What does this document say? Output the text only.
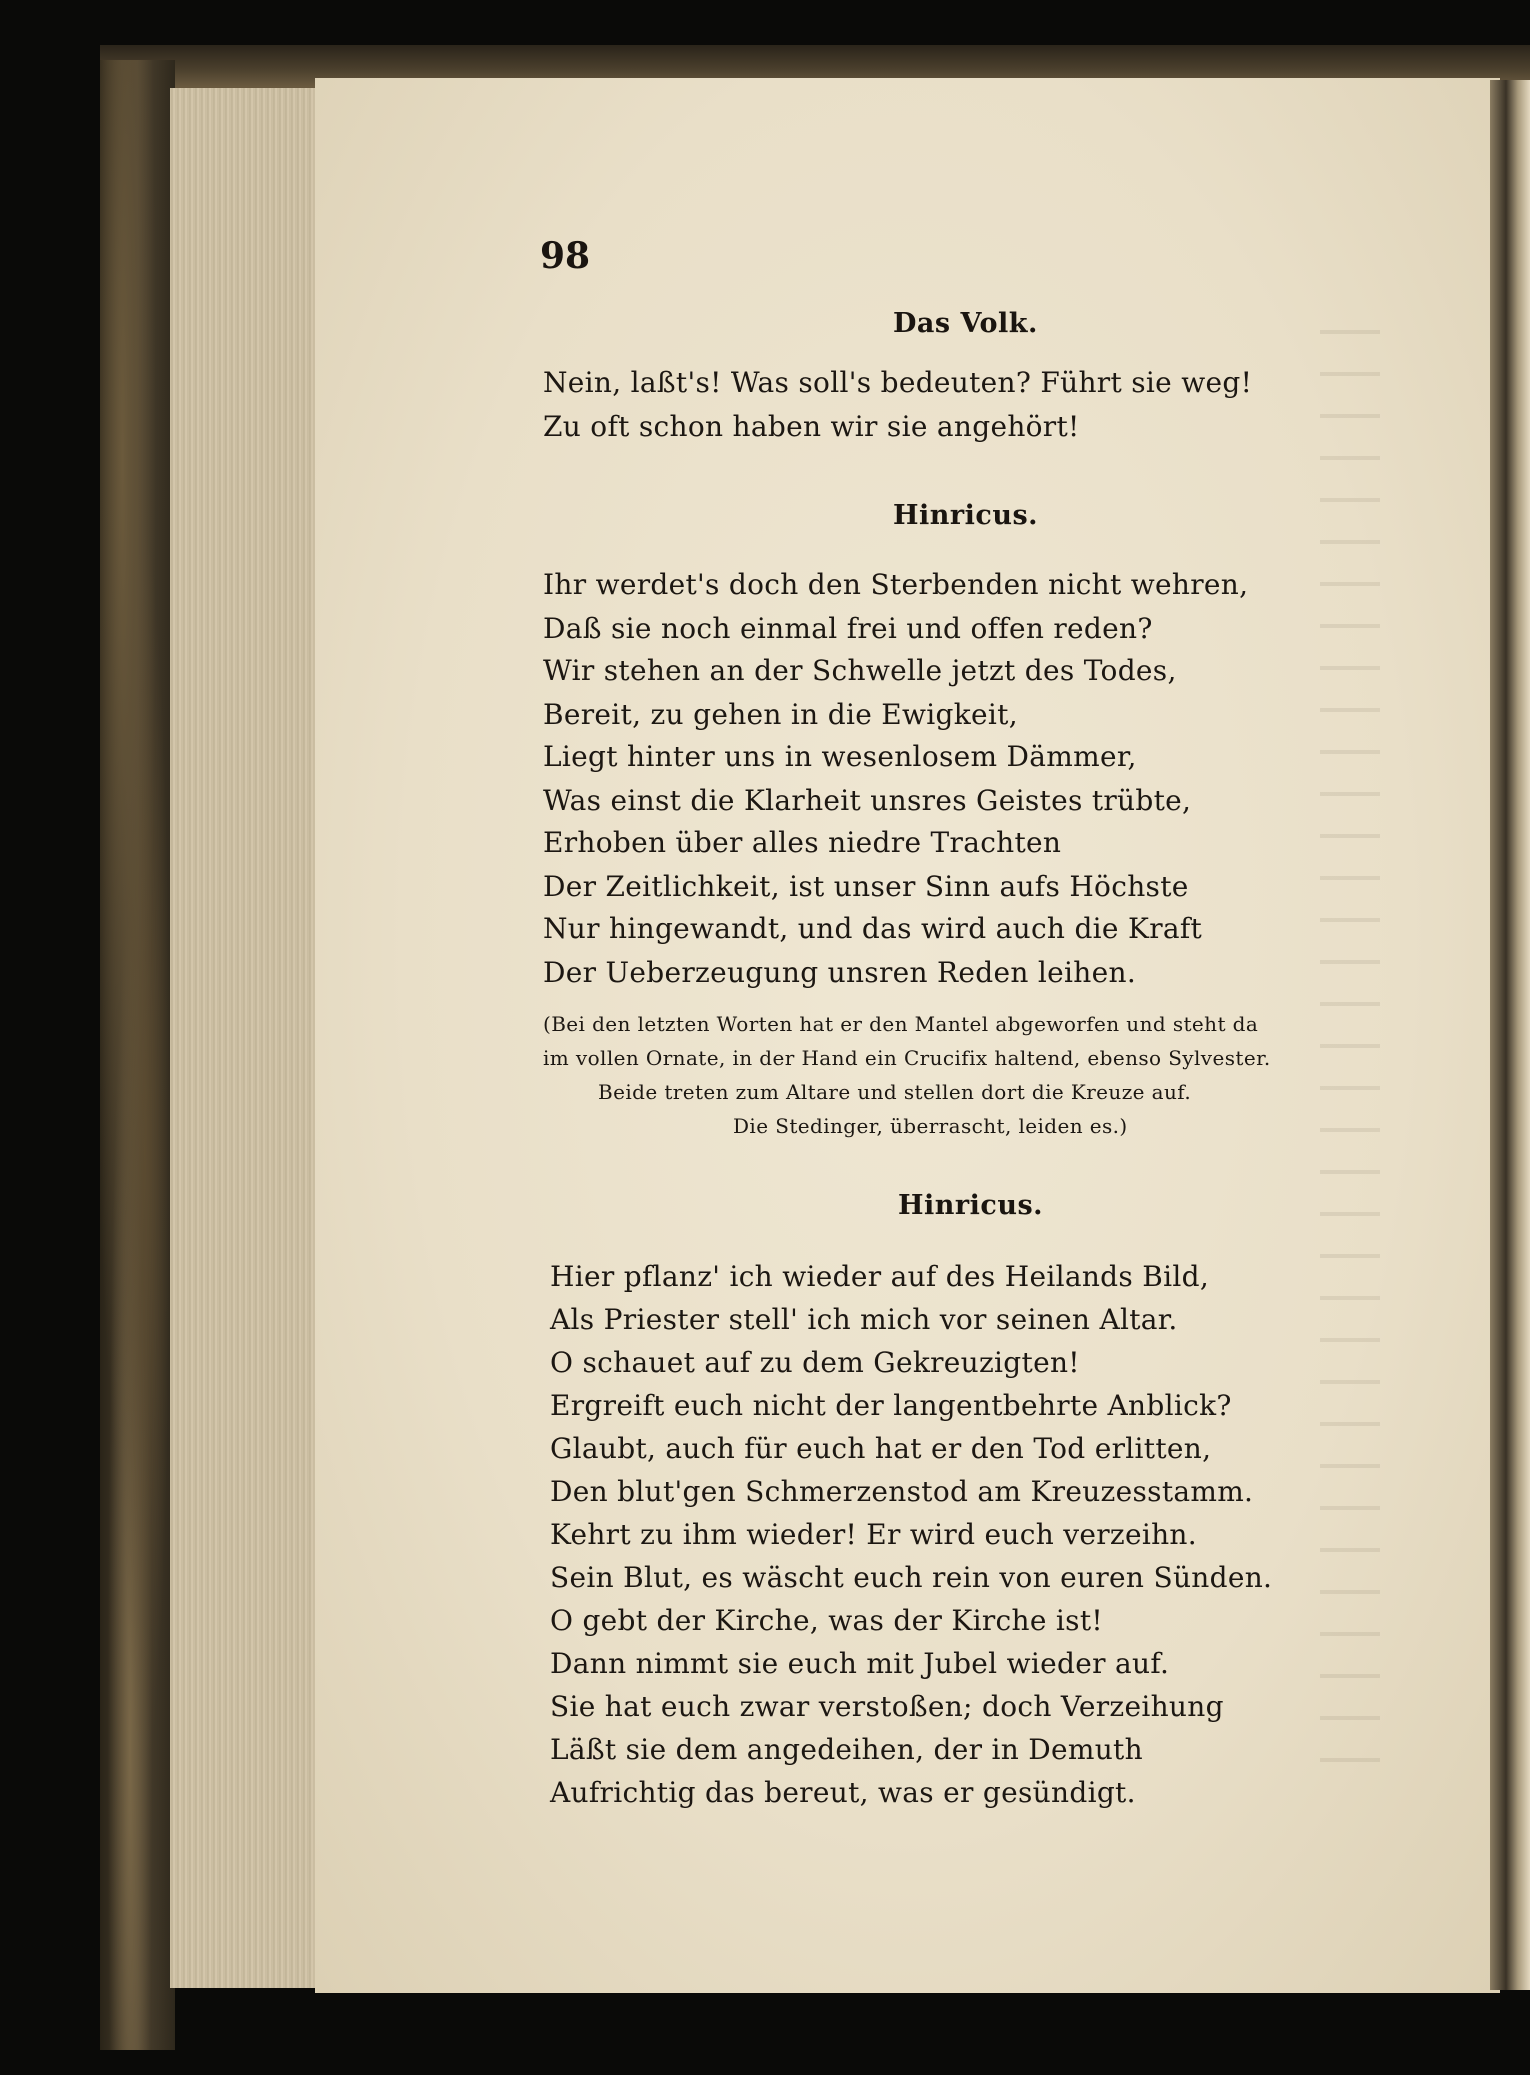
98
Das Volk.
Nein, laßt's! Was soll's bedeuten? Führt sie weg!
Zu oft schon haben wir sie angehört!
Hinricus.
Ihr werdet's doch den Sterbenden nicht wehren,
Daß sie noch einmal frei und offen reden?
Wir stehen an der Schwelle jetzt des Todes,
Bereit, zu gehen in die Ewigkeit,
Liegt hinter uns in wesenlosem Dämmer,
Was einst die Klarheit unsres Geistes trübte,
Erhoben über alles niedre Trachten
Der Zeitlichkeit, ist unser Sinn aufs Höchste
Nur hingewandt, und das wird auch die Kraft
Der Ueberzeugung unsren Reden leihen.
(Bei den letzten Worten hat er den Mantel abgeworfen und steht da
im vollen Ornate, in der Hand ein Crucifix haltend, ebenso Sylvester.
Beide treten zum Altare und stellen dort die Kreuze auf.
Die Stedinger, überrascht, leiden es.)
Hinricus.
Hier pflanz' ich wieder auf des Heilands Bild,
Als Priester stell' ich mich vor seinen Altar.
O schauet auf zu dem Gekreuzigten!
Ergreift euch nicht der langentbehrte Anblick?
Glaubt, auch für euch hat er den Tod erlitten,
Den blut'gen Schmerzenstod am Kreuzesstamm.
Kehrt zu ihm wieder! Er wird euch verzeihn.
Sein Blut, es wäscht euch rein von euren Sünden.
O gebt der Kirche, was der Kirche ist!
Dann nimmt sie euch mit Jubel wieder auf.
Sie hat euch zwar verstoßen; doch Verzeihung
Läßt sie dem angedeihen, der in Demuth
Aufrichtig das bereut, was er gesündigt.
